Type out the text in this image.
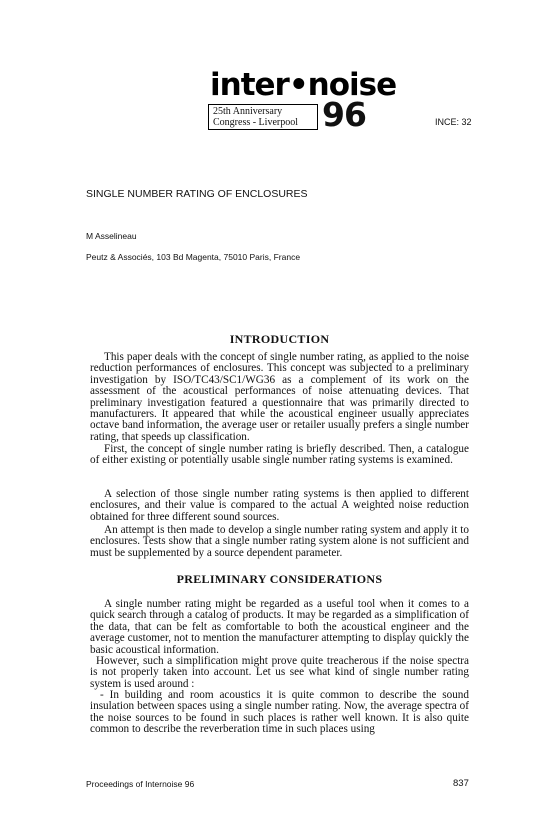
inter•noise
25th Anniversary
Congress - Liverpool 96	INCE: 32
SINGLE NUMBER RATING OF ENCLOSURES
M Asselineau
Peutz & Associés, 103 Bd Magenta, 75010 Paris, France
INTRODUCTION

This paper deals with the concept of single number rating, as applied to the noise reduction performances of enclosures. This concept was subjected to a preliminary investigation by ISO/TC43/SC1/WG36 as a complement of its work on the assessment of the acoustical performances of noise attenuating devices. That preliminary investigation featured a questionnaire that was primarily directed to manufacturers. It appeared that while the acoustical engineer usually appreciates octave band information, the average user or retailer usually prefers a single number rating, that speeds up classification.

First, the concept of single number rating is briefly described. Then, a catalogue of either existing or potentially usable single number rating systems is examined.

A selection of those single number rating systems is then applied to different enclosures, and their value is compared to the actual A weighted noise reduction obtained for three different sound sources.

An attempt is then made to develop a single number rating system and apply it to enclosures. Tests show that a single number rating system alone is not sufficient and must be supplemented by a source dependent parameter.

PRELIMINARY CONSIDERATIONS

A single number rating might be regarded as a useful tool when it comes to a quick search through a catalog of products. It may be regarded as a simplification of the data, that can be felt as comfortable to both the acoustical engineer and the average customer, not to mention the manufacturer attempting to display quickly the basic acoustical information.

However, such a simplification might prove quite treacherous if the noise spectra is not properly taken into account. Let us see what kind of single number rating system is used around :

- In building and room acoustics it is quite common to describe the sound insulation between spaces using a single number rating. Now, the average spectra of the noise sources to be found in such places is rather well known. It is also quite common to describe the reverberation time in such places using

Proceedings of Internoise 96	837
